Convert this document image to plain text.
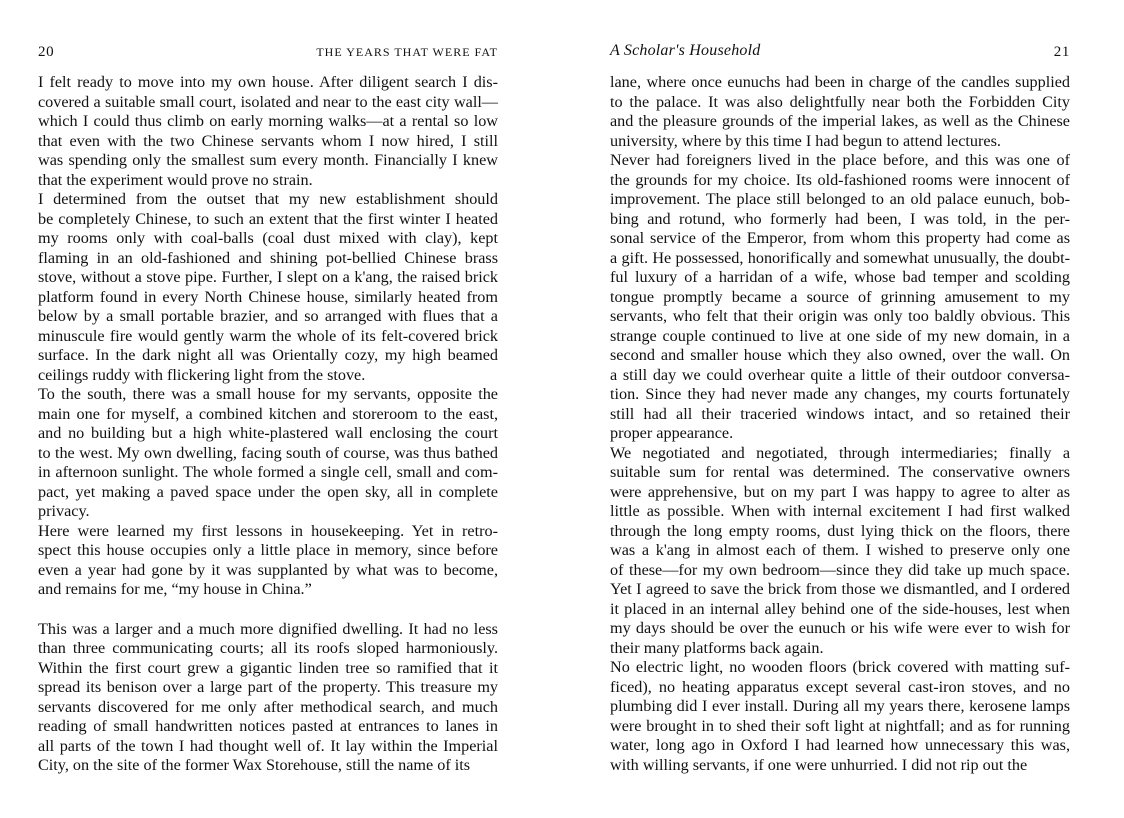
20	THE YEARS THAT WERE FAT
I felt ready to move into my own house. After diligent search I dis-
covered a suitable small court, isolated and near to the east city wall—
which I could thus climb on early morning walks—at a rental so low
that even with the two Chinese servants whom I now hired, I still
was spending only the smallest sum every month. Financially I knew
that the experiment would prove no strain.
I determined from the outset that my new establishment should
be completely Chinese, to such an extent that the first winter I heated
my rooms only with coal-balls (coal dust mixed with clay), kept
flaming in an old-fashioned and shining pot-bellied Chinese brass
stove, without a stove pipe. Further, I slept on a k'ang, the raised brick
platform found in every North Chinese house, similarly heated from
below by a small portable brazier, and so arranged with flues that a
minuscule fire would gently warm the whole of its felt-covered brick
surface. In the dark night all was Orientally cozy, my high beamed
ceilings ruddy with flickering light from the stove.
To the south, there was a small house for my servants, opposite the
main one for myself, a combined kitchen and storeroom to the east,
and no building but a high white-plastered wall enclosing the court
to the west. My own dwelling, facing south of course, was thus bathed
in afternoon sunlight. The whole formed a single cell, small and com-
pact, yet making a paved space under the open sky, all in complete
privacy.
Here were learned my first lessons in housekeeping. Yet in retro-
spect this house occupies only a little place in memory, since before
even a year had gone by it was supplanted by what was to become,
and remains for me, “my house in China.”
This was a larger and a much more dignified dwelling. It had no less
than three communicating courts; all its roofs sloped harmoniously.
Within the first court grew a gigantic linden tree so ramified that it
spread its benison over a large part of the property. This treasure my
servants discovered for me only after methodical search, and much
reading of small handwritten notices pasted at entrances to lanes in
all parts of the town I had thought well of. It lay within the Imperial
City, on the site of the former Wax Storehouse, still the name of its
A Scholar's Household	21
lane, where once eunuchs had been in charge of the candles supplied
to the palace. It was also delightfully near both the Forbidden City
and the pleasure grounds of the imperial lakes, as well as the Chinese
university, where by this time I had begun to attend lectures.
Never had foreigners lived in the place before, and this was one of
the grounds for my choice. Its old-fashioned rooms were innocent of
improvement. The place still belonged to an old palace eunuch, bob-
bing and rotund, who formerly had been, I was told, in the per-
sonal service of the Emperor, from whom this property had come as
a gift. He possessed, honorifically and somewhat unusually, the doubt-
ful luxury of a harridan of a wife, whose bad temper and scolding
tongue promptly became a source of grinning amusement to my
servants, who felt that their origin was only too baldly obvious. This
strange couple continued to live at one side of my new domain, in a
second and smaller house which they also owned, over the wall. On
a still day we could overhear quite a little of their outdoor conversa-
tion. Since they had never made any changes, my courts fortunately
still had all their traceried windows intact, and so retained their
proper appearance.
We negotiated and negotiated, through intermediaries; finally a
suitable sum for rental was determined. The conservative owners
were apprehensive, but on my part I was happy to agree to alter as
little as possible. When with internal excitement I had first walked
through the long empty rooms, dust lying thick on the floors, there
was a k'ang in almost each of them. I wished to preserve only one
of these—for my own bedroom—since they did take up much space.
Yet I agreed to save the brick from those we dismantled, and I ordered
it placed in an internal alley behind one of the side-houses, lest when
my days should be over the eunuch or his wife were ever to wish for
their many platforms back again.
No electric light, no wooden floors (brick covered with matting suf-
ficed), no heating apparatus except several cast-iron stoves, and no
plumbing did I ever install. During all my years there, kerosene lamps
were brought in to shed their soft light at nightfall; and as for running
water, long ago in Oxford I had learned how unnecessary this was,
with willing servants, if one were unhurried. I did not rip out the
